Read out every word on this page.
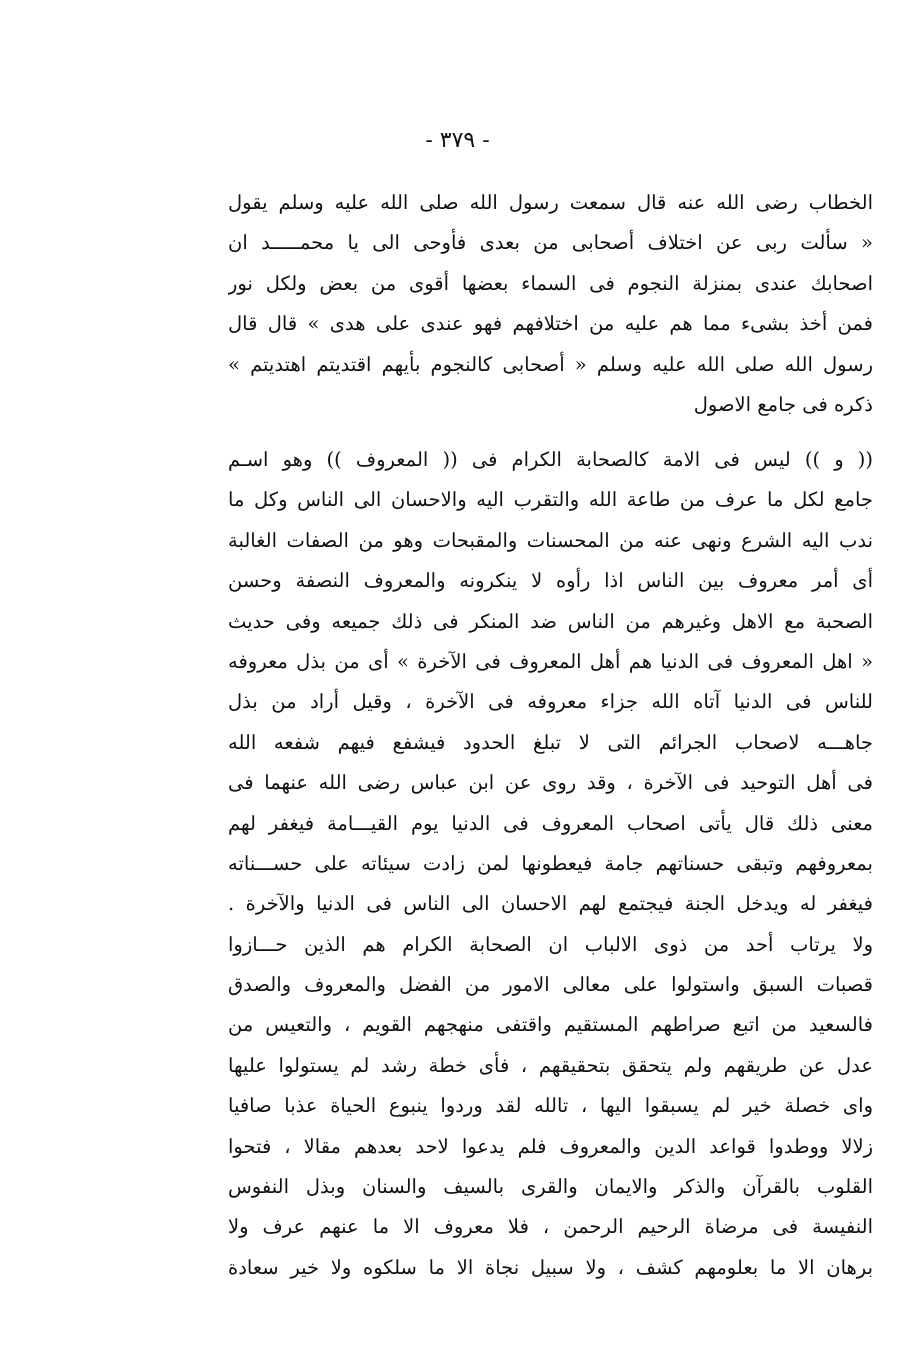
- ٣٧٩ -
الخطاب رضى الله عنه قال سمعت رسول الله صلى الله عليه وسلم يقول
« سألت ربى عن اختلاف أصحابى من بعدى فأوحى الى يا محمـــــد ان
اصحابك عندى بمنزلة النجوم فى السماء بعضها أقوى من بعض ولكل نور
فمن أخذ بشىء مما هم عليه من اختلافهم فهو عندى على هدى » قال قال
رسول الله صلى الله عليه وسلم « أصحابى كالنجوم بأيهم اقتديتم اهتديتم »
ذكره فى جامع الاصول
(( و )) ليس فى الامة كالصحابة الكرام فى (( المعروف )) وهو اسـم
جامع لكل ما عرف من طاعة الله والتقرب اليه والاحسان الى الناس وكل ما
ندب اليه الشرع ونهى عنه من المحسنات والمقبحات وهو من الصفات الغالبة
أى أمر معروف بين الناس اذا رأوه لا ينكرونه والمعروف النصفة وحسن
الصحبة مع الاهل وغيرهم من الناس ضد المنكر فى ذلك جميعه وفى حديث
« اهل المعروف فى الدنيا هم أهل المعروف فى الآخرة » أى من بذل معروفه
للناس فى الدنيا آتاه الله جزاء معروفه فى الآخرة ، وقيل أراد من بذل
جاهـــه لاصحاب الجرائم التى لا تبلغ الحدود فيشفع فيهم شفعه الله
فى أهل التوحيد فى الآخرة ، وقد روى عن ابن عباس رضى الله عنهما فى
معنى ذلك قال يأتى اصحاب المعروف فى الدنيا يوم القيـــامة فيغفر لهم
بمعروفهم وتبقى حسناتهم جامة فيعطونها لمن زادت سيئاته على حســـناته
فيغفر له ويدخل الجنة فيجتمع لهم الاحسان الى الناس فى الدنيا والآخرة .
ولا يرتاب أحد من ذوى الالباب ان الصحابة الكرام هم الذين حـــازوا
قصبات السبق واستولوا على معالى الامور من الفضل والمعروف والصدق
فالسعيد من اتبع صراطهم المستقيم واقتفى منهجهم القويم ، والتعيس من
عدل عن طريقهم ولم يتحقق بتحقيقهم ، فأى خطة رشد لم يستولوا عليها
واى خصلة خير لم يسبقوا اليها ، تالله لقد وردوا ينبوع الحياة عذبا صافيا
زلالا ووطدوا قواعد الدين والمعروف فلم يدعوا لاحد بعدهم مقالا ، فتحوا
القلوب بالقرآن والذكر والايمان والقرى بالسيف والسنان وبذل النفوس
النفيسة فى مرضاة الرحيم الرحمن ، فلا معروف الا ما عنهم عرف ولا
برهان الا ما بعلومهم كشف ، ولا سبيل نجاة الا ما سلكوه ولا خير سعادة
